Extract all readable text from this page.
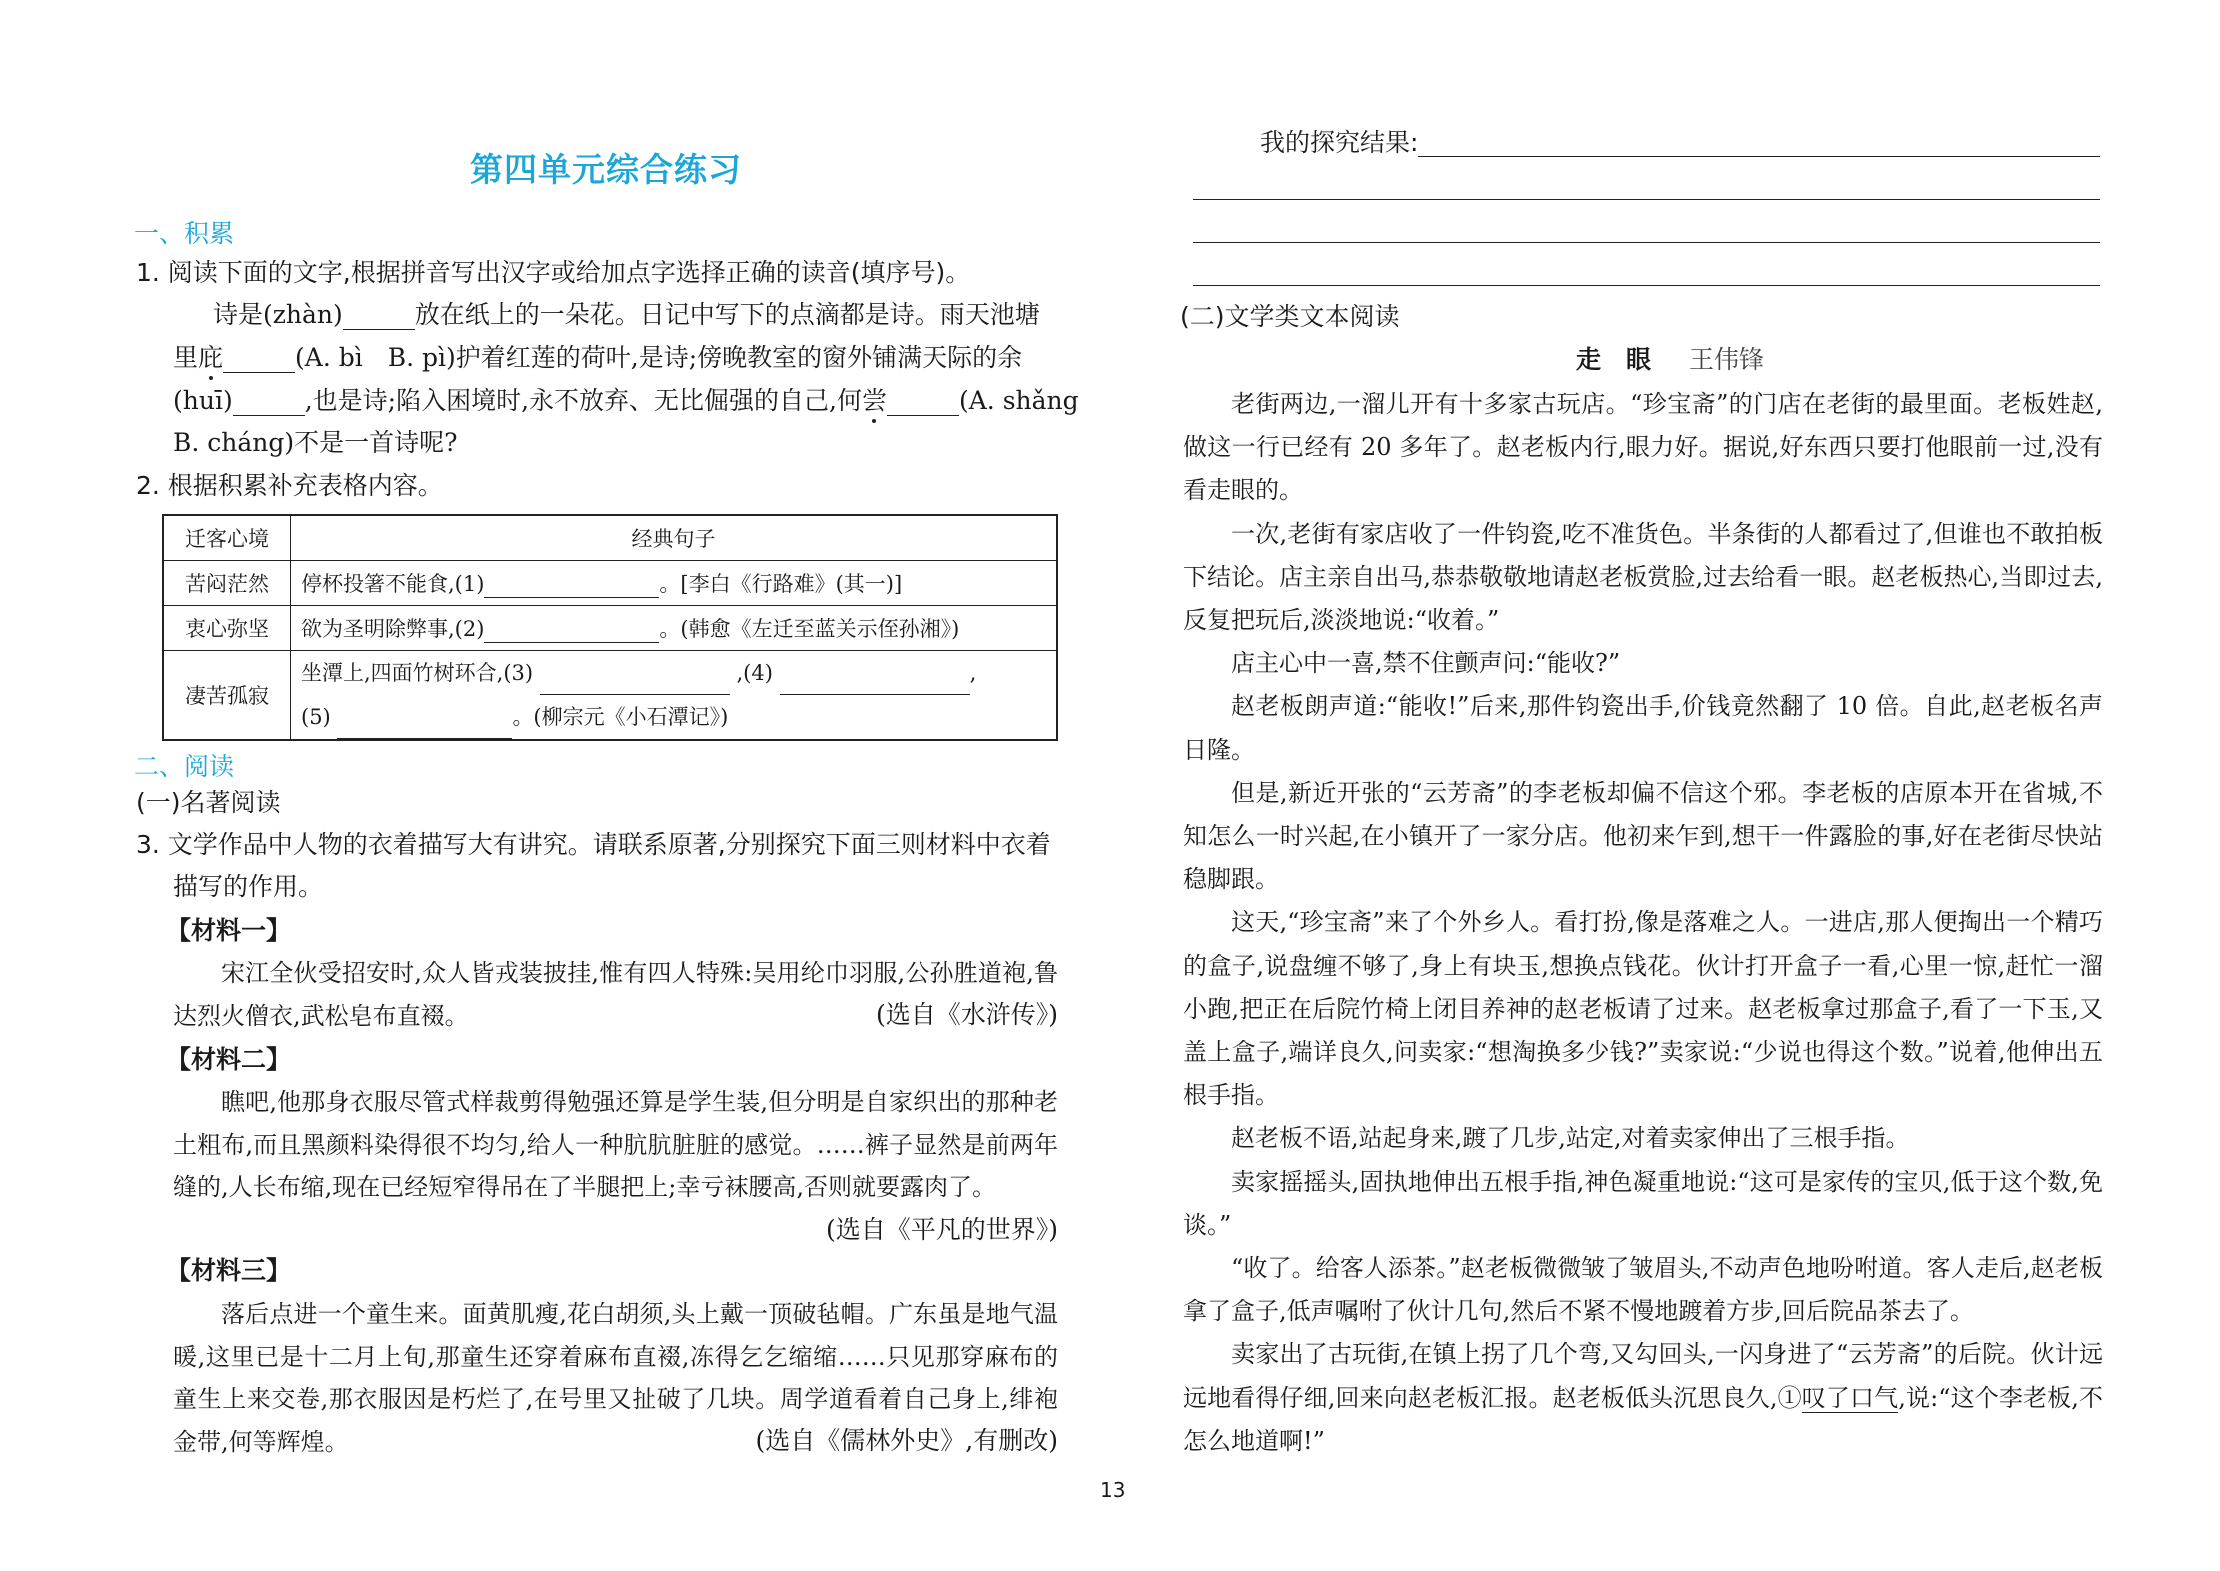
第四单元综合练习
一、积累
1. 阅读下面的文字,根据拼音写出汉字或给加点字选择正确的读音(填序号)。
诗是(zhàn)	放在纸上的一朵花。日记中写下的点滴都是诗。雨天池塘
里庇	(A. bì　B. pì)护着红莲的荷叶,是诗;傍晚教室的窗外铺满天际的余
(huī)	,也是诗;陷入困境时,永不放弃、无比倔强的自己,何尝	(A. shǎng
B. cháng)不是一首诗呢?
2. 根据积累补充表格内容。
迁客心境	经典句子
苦闷茫然	停杯投箸不能食,(1) 。[李白《行路难》(其一)]
衷心弥坚	欲为圣明除弊事,(2) 。(韩愈《左迁至蓝关示侄孙湘》)
凄苦孤寂	坐潭上,四面竹树环合,(3) ,(4) ,
(5) 。(柳宗元《小石潭记》)
二、阅读
(一)名著阅读
3. 文学作品中人物的衣着描写大有讲究。请联系原著,分别探究下面三则材料中衣着
描写的作用。
【材料一】
宋江全伙受招安时,众人皆戎装披挂,惟有四人特殊:吴用纶巾羽服,公孙胜道袍,鲁达烈火僧衣,武松皂布直裰。	(选自《水浒传》)
【材料二】
瞧吧,他那身衣服尽管式样裁剪得勉强还算是学生装,但分明是自家织出的那种老土粗布,而且黑颜料染得很不均匀,给人一种肮肮脏脏的感觉。……裤子显然是前两年缝的,人长布缩,现在已经短窄得吊在了半腿把上;幸亏袜腰高,否则就要露肉了。
(选自《平凡的世界》)
【材料三】
落后点进一个童生来。面黄肌瘦,花白胡须,头上戴一顶破毡帽。广东虽是地气温暖,这里已是十二月上旬,那童生还穿着麻布直裰,冻得乞乞缩缩……只见那穿麻布的童生上来交卷,那衣服因是朽烂了,在号里又扯破了几块。周学道看着自己身上,绯袍金带,何等辉煌。	(选自《儒林外史》,有删改)
我的探究结果:
(二)文学类文本阅读
走　眼 王伟锋

老街两边,一溜儿开有十多家古玩店。“珍宝斋”的门店在老街的最里面。老板姓赵,做这一行已经有 20 多年了。赵老板内行,眼力好。据说,好东西只要打他眼前一过,没有看走眼的。

一次,老街有家店收了一件钧瓷,吃不准货色。半条街的人都看过了,但谁也不敢拍板下结论。店主亲自出马,恭恭敬敬地请赵老板赏脸,过去给看一眼。赵老板热心,当即过去,反复把玩后,淡淡地说:“收着。”

店主心中一喜,禁不住颤声问:“能收?”

赵老板朗声道:“能收!”后来,那件钧瓷出手,价钱竟然翻了 10 倍。自此,赵老板名声日隆。

但是,新近开张的“云芳斋”的李老板却偏不信这个邪。李老板的店原本开在省城,不知怎么一时兴起,在小镇开了一家分店。他初来乍到,想干一件露脸的事,好在老街尽快站稳脚跟。

这天,“珍宝斋”来了个外乡人。看打扮,像是落难之人。一进店,那人便掏出一个精巧的盒子,说盘缠不够了,身上有块玉,想换点钱花。伙计打开盒子一看,心里一惊,赶忙一溜小跑,把正在后院竹椅上闭目养神的赵老板请了过来。赵老板拿过那盒子,看了一下玉,又盖上盒子,端详良久,问卖家:“想淘换多少钱?”卖家说:“少说也得这个数。”说着,他伸出五根手指。

赵老板不语,站起身来,踱了几步,站定,对着卖家伸出了三根手指。

卖家摇摇头,固执地伸出五根手指,神色凝重地说:“这可是家传的宝贝,低于这个数,免谈。”

“收了。给客人添茶。”赵老板微微皱了皱眉头,不动声色地吩咐道。客人走后,赵老板拿了盒子,低声嘱咐了伙计几句,然后不紧不慢地踱着方步,回后院品茶去了。

卖家出了古玩街,在镇上拐了几个弯,又勾回头,一闪身进了“云芳斋”的后院。伙计远远地看得仔细,回来向赵老板汇报。赵老板低头沉思良久,①叹了口气,说:“这个李老板,不怎么地道啊!”

13
